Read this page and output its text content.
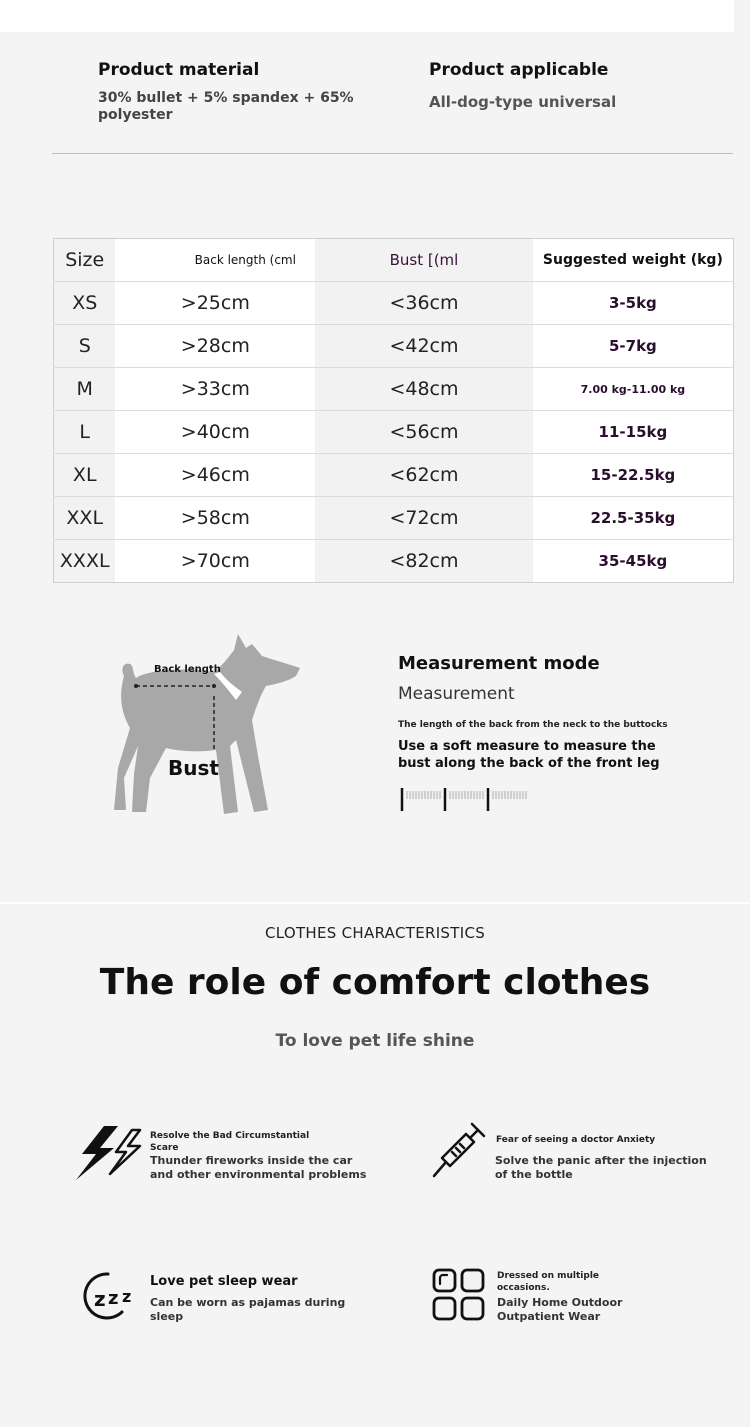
Product material

30% bullet + 5% spandex + 65% polyester

Product applicable

All-dog-type universal

Size	Back length (cml	Bust [(ml	Suggested weight (kg)
XS	>25cm	<36cm	3-5kg
S	>28cm	<42cm	5-7kg
M	>33cm	<48cm	7.00 kg-11.00 kg
L	>40cm	<56cm	11-15kg
XL	>46cm	<62cm	15-22.5kg
XXL	>58cm	<72cm	22.5-35kg
XXXL	>70cm	<82cm	35-45kg
Back length
Bust
Measurement mode
Measurement
The length of the back from the neck to the buttocks
Use a soft measure to measure the bust along the back of the front leg
CLOTHES CHARACTERISTICS
The role of comfort clothes
To love pet life shine
Resolve the Bad Circumstantial Scare
Thunder fireworks inside the car and other environmental problems
Fear of seeing a doctor Anxiety
Solve the panic after the injection of the bottle
z z z
Love pet sleep wear
Can be worn as pajamas during sleep
Dressed on multiple occasions.
Daily Home Outdoor Outpatient Wear
